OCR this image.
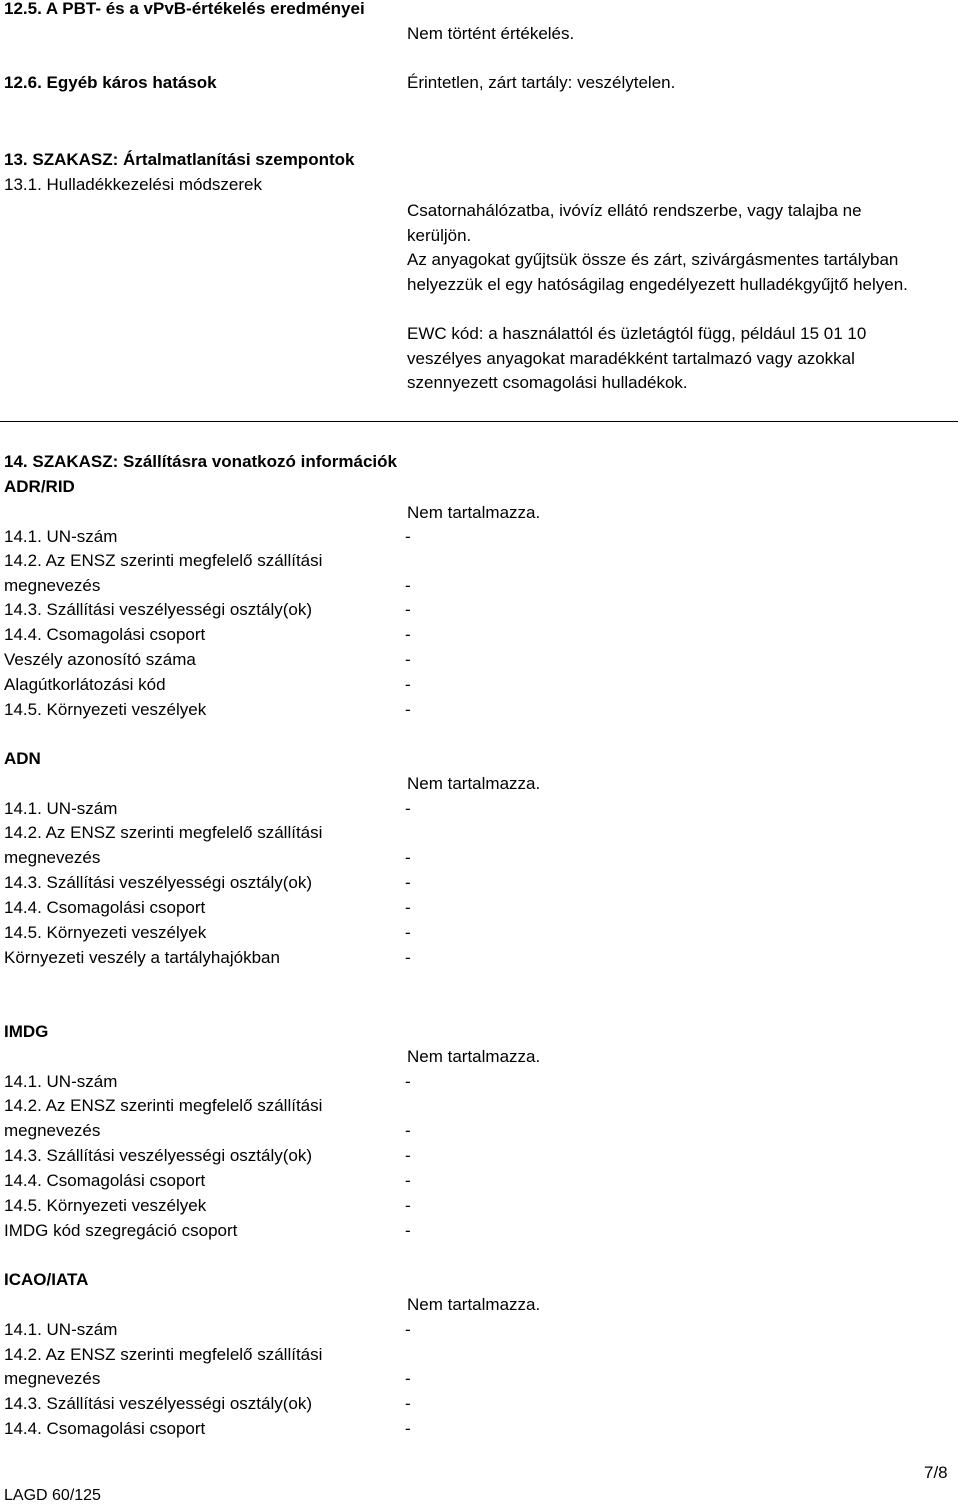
12.5. A PBT- és a vPvB-értékelés eredményei
Nem történt értékelés.
12.6. Egyéb káros hatások	Érintetlen, zárt tartály: veszélytelen.
13. SZAKASZ: Ártalmatlanítási szempontok
13.1. Hulladékkezelési módszerek
Csatornahálózatba, ivóvíz ellátó rendszerbe, vagy talajba ne
kerüljön.
Az anyagokat gyűjtsük össze és zárt, szivárgásmentes tartályban
helyezzük el egy hatóságilag engedélyezett hulladékgyűjtő helyen.
EWC kód: a használattól és üzletágtól függ, például 15 01 10
veszélyes anyagokat maradékként tartalmazó vagy azokkal
szennyezett csomagolási hulladékok.
14. SZAKASZ: Szállításra vonatkozó információk
ADR/RID
Nem tartalmazza.
14.1. UN-szám	-
14.2. Az ENSZ szerinti megfelelő szállítási
megnevezés	-
14.3. Szállítási veszélyességi osztály(ok)	-
14.4. Csomagolási csoport	-
Veszély azonosító száma	-
Alagútkorlátozási kód	-
14.5. Környezeti veszélyek	-
ADN
Nem tartalmazza.
14.1. UN-szám	-
14.2. Az ENSZ szerinti megfelelő szállítási
megnevezés	-
14.3. Szállítási veszélyességi osztály(ok)	-
14.4. Csomagolási csoport	-
14.5. Környezeti veszélyek	-
Környezeti veszély a tartályhajókban	-
IMDG
Nem tartalmazza.
14.1. UN-szám	-
14.2. Az ENSZ szerinti megfelelő szállítási
megnevezés	-
14.3. Szállítási veszélyességi osztály(ok)	-
14.4. Csomagolási csoport	-
14.5. Környezeti veszélyek	-
IMDG kód szegregáció csoport	-
ICAO/IATA
Nem tartalmazza.
14.1. UN-szám	-
14.2. Az ENSZ szerinti megfelelő szállítási
megnevezés	-
14.3. Szállítási veszélyességi osztály(ok)	-
14.4. Csomagolási csoport	-
7/8
LAGD 60/125
